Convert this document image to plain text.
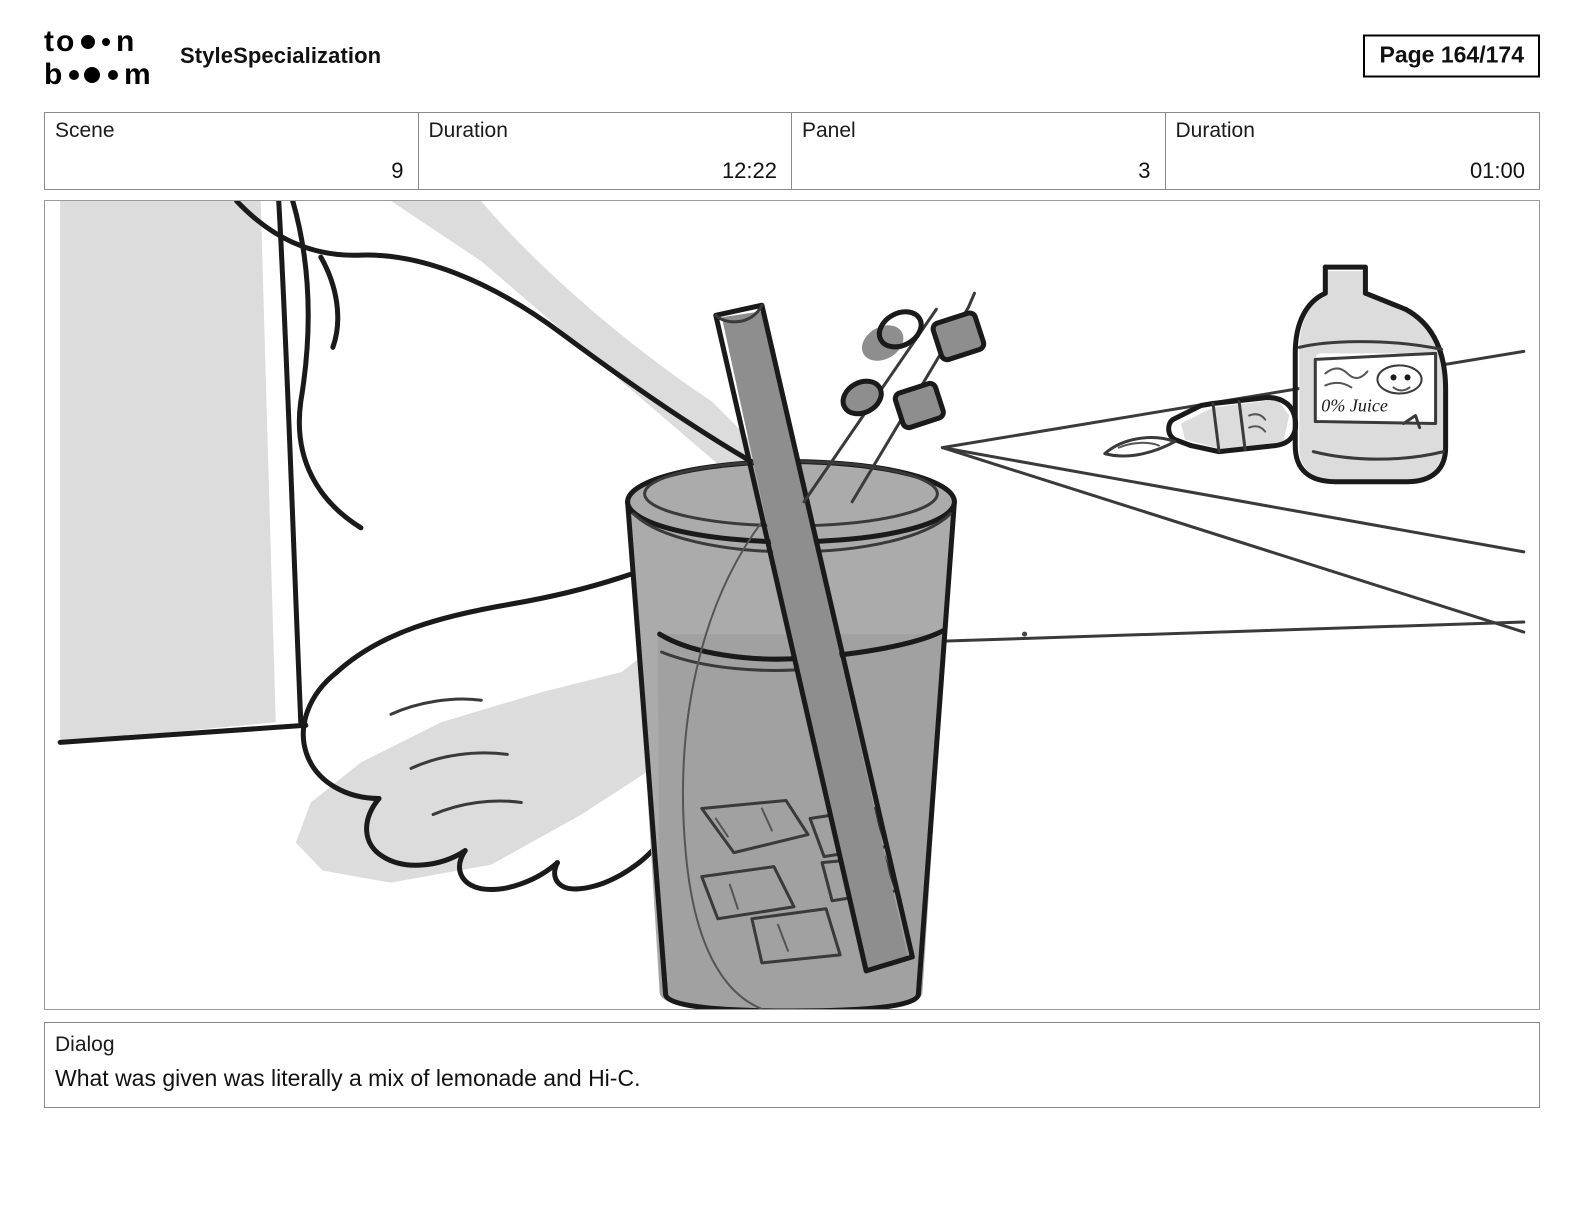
t o n
b m
StyleSpecialization	Page 164/174
Scene
9
Duration
12:22
Panel
3
Duration
01:00
0% Juice
Dialog
What was given was literally a mix of lemonade and Hi-C.
